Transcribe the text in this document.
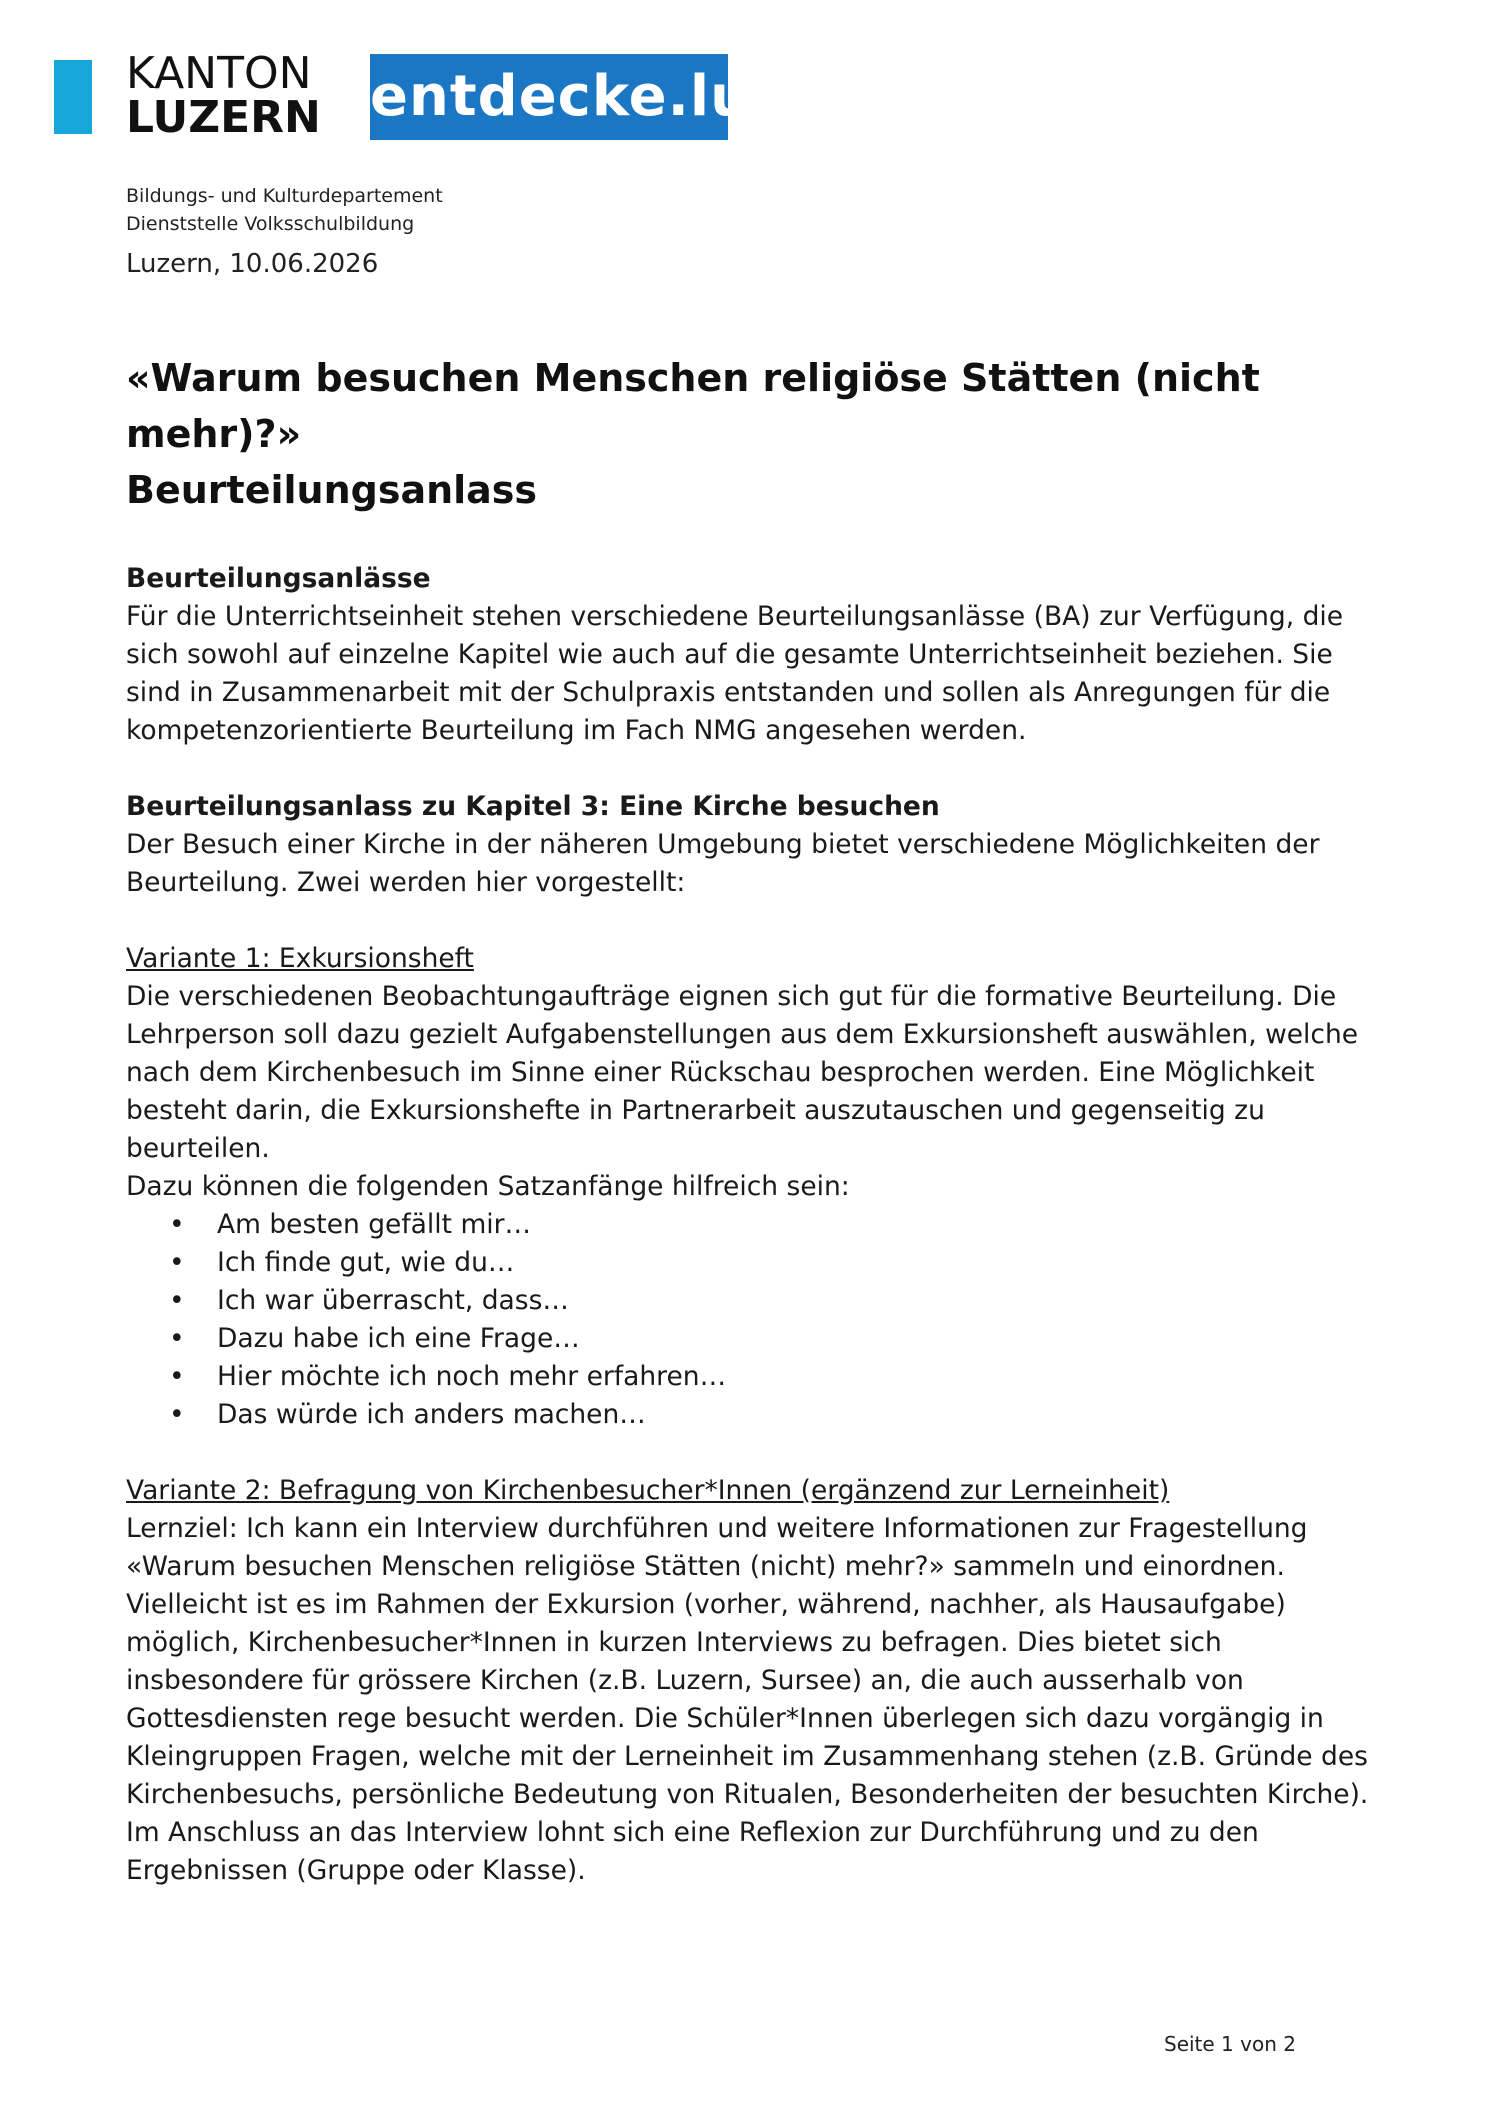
KANTON
LUZERN entdecke.lu
Bildungs- und Kulturdepartement
Dienststelle Volksschulbildung
Luzern, 10.06.2026
«Warum besuchen Menschen religiöse Stätten (nicht
mehr)?»
Beurteilungsanlass
Beurteilungsanlässe

Für die Unterrichtseinheit stehen verschiedene Beurteilungsanlässe (BA) zur Verfügung, die sich sowohl auf einzelne Kapitel wie auch auf die gesamte Unterrichtseinheit beziehen. Sie sind in Zusammenarbeit mit der Schulpraxis entstanden und sollen als Anregungen für die kompetenzorientierte Beurteilung im Fach NMG angesehen werden.

Beurteilungsanlass zu Kapitel 3: Eine Kirche besuchen

Der Besuch einer Kirche in der näheren Umgebung bietet verschiedene Möglichkeiten der Beurteilung. Zwei werden hier vorgestellt:

Variante 1: Exkursionsheft

Die verschiedenen Beobachtungaufträge eignen sich gut für die formative Beurteilung. Die Lehrperson soll dazu gezielt Aufgabenstellungen aus dem Exkursionsheft auswählen, welche nach dem Kirchenbesuch im Sinne einer Rückschau besprochen werden. Eine Möglichkeit besteht darin, die Exkursionshefte in Partnerarbeit auszutauschen und gegenseitig zu beurteilen.

Dazu können die folgenden Satzanfänge hilfreich sein:

• Am besten gefällt mir…
• Ich finde gut, wie du…
• Ich war überrascht, dass…
• Dazu habe ich eine Frage…
• Hier möchte ich noch mehr erfahren…
• Das würde ich anders machen…
Variante 2: Befragung von Kirchenbesucher*Innen (ergänzend zur Lerneinheit)

Lernziel: Ich kann ein Interview durchführen und weitere Informationen zur Fragestellung «Warum besuchen Menschen religiöse Stätten (nicht) mehr?» sammeln und einordnen. Vielleicht ist es im Rahmen der Exkursion (vorher, während, nachher, als Hausaufgabe) möglich, Kirchenbesucher*Innen in kurzen Interviews zu befragen. Dies bietet sich insbesondere für grössere Kirchen (z.B. Luzern, Sursee) an, die auch ausserhalb von Gottesdiensten rege besucht werden. Die Schüler*Innen überlegen sich dazu vorgängig in Kleingruppen Fragen, welche mit der Lerneinheit im Zusammenhang stehen (z.B. Gründe des Kirchenbesuchs, persönliche Bedeutung von Ritualen, Besonderheiten der besuchten Kirche). Im Anschluss an das Interview lohnt sich eine Reflexion zur Durchführung und zu den Ergebnissen (Gruppe oder Klasse).

Seite 1 von 2
